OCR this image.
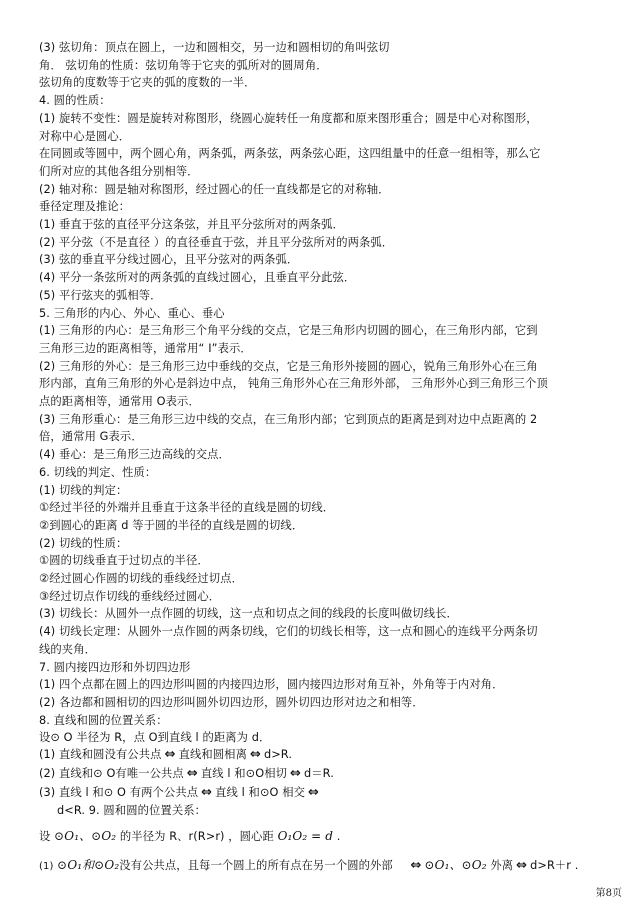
(3) 弦切角：顶点在圆上，一边和圆相交，另一边和圆相切的角叫弦切
角． 弦切角的性质：弦切角等于它夹的弧所对的圆周角．
弦切角的度数等于它夹的弧的度数的一半．
4. 圆的性质：
(1) 旋转不变性：圆是旋转对称图形，绕圆心旋转任一角度都和原来图形重合；圆是中心对称图形，
对称中心是圆心．
在同圆或等圆中，两个圆心角，两条弧，两条弦，两条弦心距，这四组量中的任意一组相等，那么它
们所对应的其他各组分别相等．
(2) 轴对称：圆是轴对称图形，经过圆心的任一直线都是它的对称轴．
垂径定理及推论：
(1) 垂直于弦的直径平分这条弦，并且平分弦所对的两条弧．
(2) 平分弦（不是直径 ）的直径垂直于弦，并且平分弦所对的两条弧．
(3) 弦的垂直平分线过圆心，且平分弦对的两条弧．
(4) 平分一条弦所对的两条弧的直线过圆心，且垂直平分此弦．
(5) 平行弦夹的弧相等．
5. 三角形的内心、外心、重心、垂心
(1) 三角形的内心：是三角形三个角平分线的交点，它是三角形内切圆的圆心，在三角形内部，它到
三角形三边的距离相等，通常用“ I”表示．
(2) 三角形的外心：是三角形三边中垂线的交点，它是三角形外接圆的圆心，锐角三角形外心在三角
形内部，直角三角形的外心是斜边中点， 钝角三角形外心在三角形外部， 三角形外心到三角形三个顶
点的距离相等，通常用 O表示．
(3) 三角形重心：是三角形三边中线的交点，在三角形内部；它到顶点的距离是到对边中点距离的 2
倍，通常用 G表示．
(4) 垂心：是三角形三边高线的交点．
6. 切线的判定、性质：
(1) 切线的判定：
①经过半径的外端并且垂直于这条半径的直线是圆的切线．
②到圆心的距离 d 等于圆的半径的直线是圆的切线．
(2) 切线的性质：
①圆的切线垂直于过切点的半径．
②经过圆心作圆的切线的垂线经过切点．
③经过切点作切线的垂线经过圆心．
(3) 切线长：从圆外一点作圆的切线，这一点和切点之间的线段的长度叫做切线长．
(4) 切线长定理：从圆外一点作圆的两条切线，它们的切线长相等，这一点和圆心的连线平分两条切
线的夹角．
7. 圆内接四边形和外切四边形
(1) 四个点都在圆上的四边形叫圆的内接四边形，圆内接四边形对角互补，外角等于内对角．
(2) 各边都和圆相切的四边形叫圆外切四边形，圆外切四边形对边之和相等．
8. 直线和圆的位置关系：
设⊙ O 半径为 R，点 O到直线 l 的距离为 d．
(1) 直线和圆没有公共点 ⇔ 直线和圆相离 ⇔ d>R.
(2) 直线和⊙ O有唯一公共点 ⇔ 直线 l 和⊙O相切 ⇔ d＝R.
(3) 直线 l 和⊙ O 有两个公共点 ⇔ 直线 l 和⊙O 相交 ⇔
d<R. 9. 圆和圆的位置关系：
设 ⊙O₁、⊙O₂ 的半径为 R、r(R>r) ，圆心距 O₁O₂ = d .
(1) ⊙O₁和⊙O₂没有公共点，且每一个圆上的所有点在另一个圆的外部 ⇔ ⊙O₁、⊙O₂ 外离 ⇔ d>R＋r .
第8页
